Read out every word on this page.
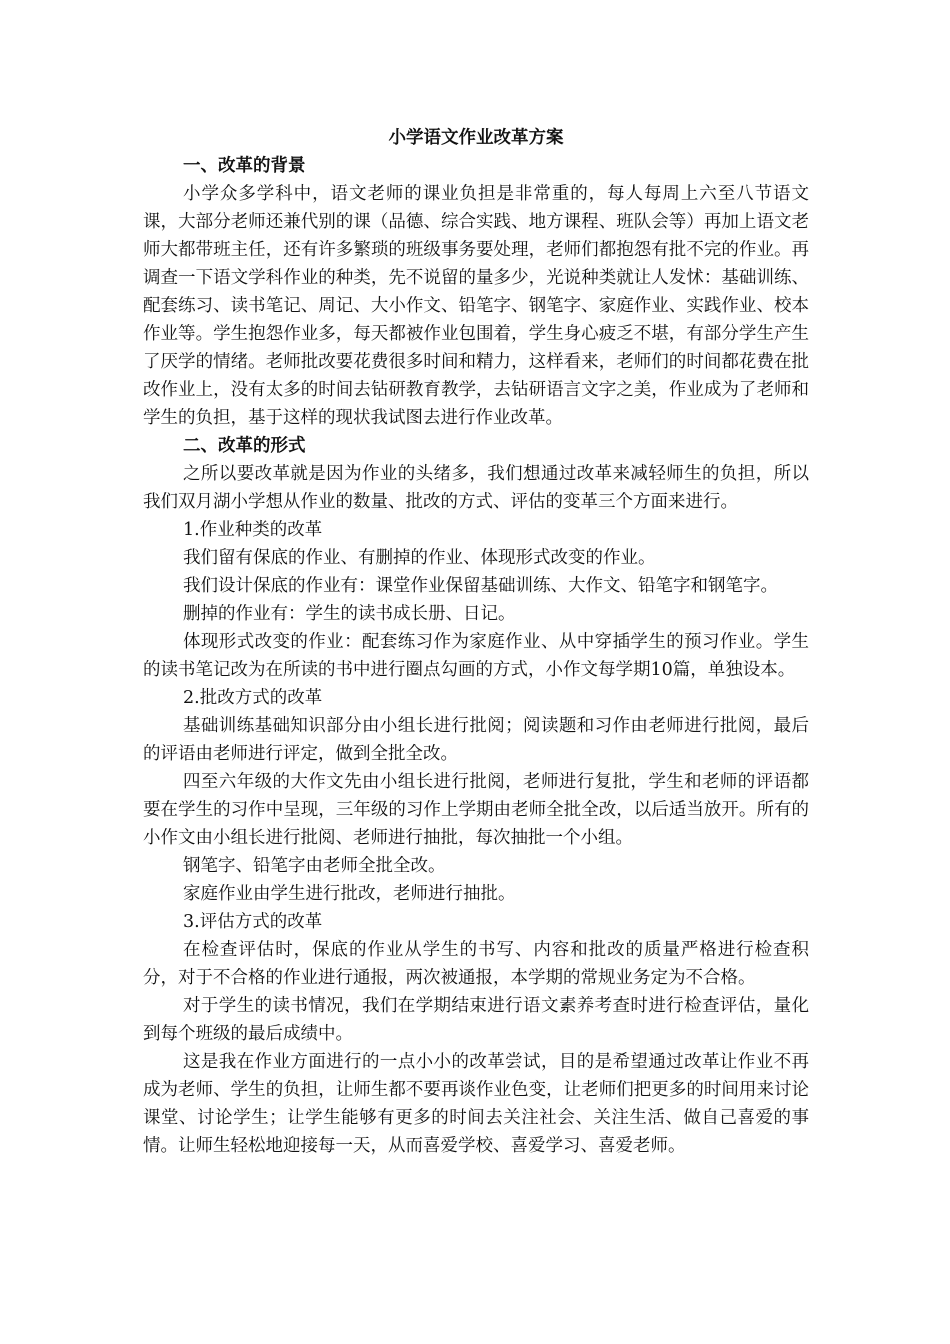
小学语文作业改革方案

一、改革的背景

小学众多学科中，语文老师的课业负担是非常重的，每人每周上六至八节语文课，大部分老师还兼代别的课（品德、综合实践、地方课程、班队会等）再加上语文老师大都带班主任，还有许多繁琐的班级事务要处理，老师们都抱怨有批不完的作业。再调查一下语文学科作业的种类，先不说留的量多少，光说种类就让人发怵：基础训练、配套练习、读书笔记、周记、大小作文、铅笔字、钢笔字、家庭作业、实践作业、校本作业等。学生抱怨作业多，每天都被作业包围着，学生身心疲乏不堪，有部分学生产生了厌学的情绪。老师批改要花费很多时间和精力，这样看来，老师们的时间都花费在批改作业上，没有太多的时间去钻研教育教学，去钻研语言文字之美，作业成为了老师和学生的负担，基于这样的现状我试图去进行作业改革。

二、改革的形式

之所以要改革就是因为作业的头绪多，我们想通过改革来减轻师生的负担，所以我们双月湖小学想从作业的数量、批改的方式、评估的变革三个方面来进行。

1.作业种类的改革

我们留有保底的作业、有删掉的作业、体现形式改变的作业。

我们设计保底的作业有：课堂作业保留基础训练、大作文、铅笔字和钢笔字。

删掉的作业有：学生的读书成长册、日记。

体现形式改变的作业：配套练习作为家庭作业、从中穿插学生的预习作业。学生的读书笔记改为在所读的书中进行圈点勾画的方式，小作文每学期10篇，单独设本。

2.批改方式的改革

基础训练基础知识部分由小组长进行批阅；阅读题和习作由老师进行批阅，最后的评语由老师进行评定，做到全批全改。

四至六年级的大作文先由小组长进行批阅，老师进行复批，学生和老师的评语都要在学生的习作中呈现，三年级的习作上学期由老师全批全改，以后适当放开。所有的小作文由小组长进行批阅、老师进行抽批，每次抽批一个小组。

钢笔字、铅笔字由老师全批全改。

家庭作业由学生进行批改，老师进行抽批。

3.评估方式的改革

在检查评估时，保底的作业从学生的书写、内容和批改的质量严格进行检查积分，对于不合格的作业进行通报，两次被通报，本学期的常规业务定为不合格。

对于学生的读书情况，我们在学期结束进行语文素养考查时进行检查评估，量化到每个班级的最后成绩中。

这是我在作业方面进行的一点小小的改革尝试，目的是希望通过改革让作业不再成为老师、学生的负担，让师生都不要再谈作业色变，让老师们把更多的时间用来讨论课堂、讨论学生；让学生能够有更多的时间去关注社会、关注生活、做自己喜爱的事情。让师生轻松地迎接每一天，从而喜爱学校、喜爱学习、喜爱老师。
